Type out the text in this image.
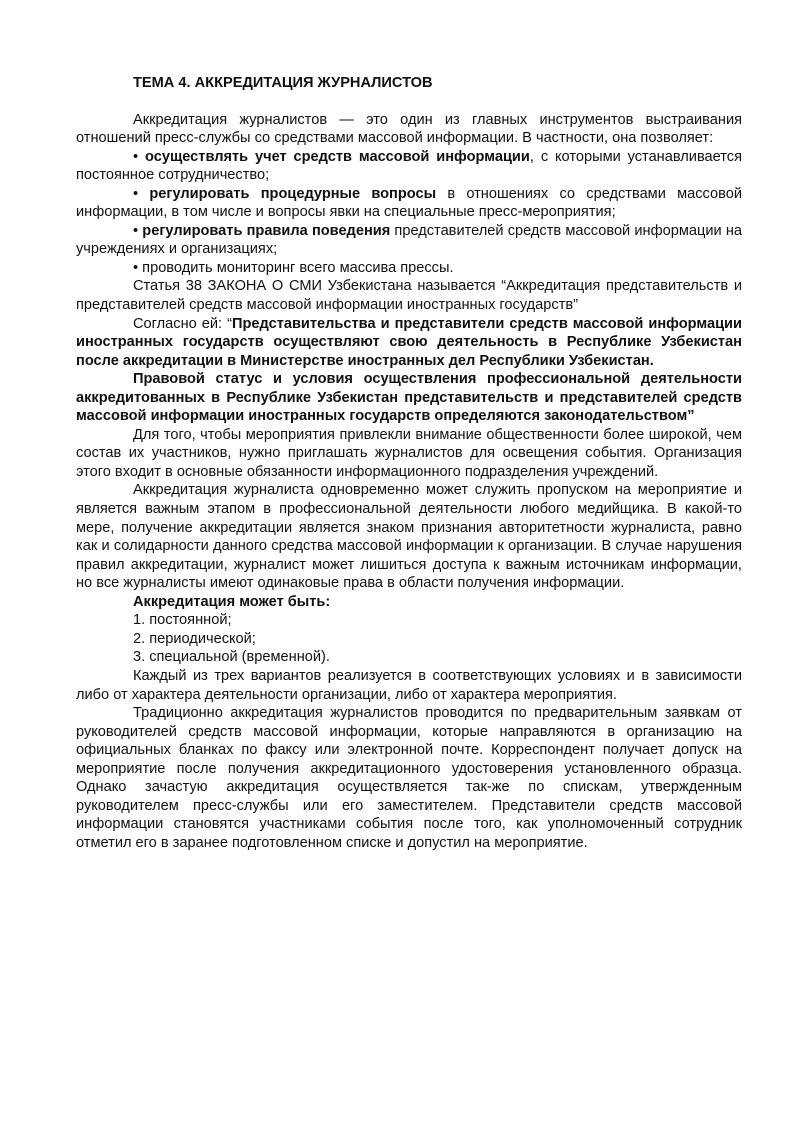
ТЕМА 4. АККРЕДИТАЦИЯ ЖУРНАЛИСТОВ

Аккредитация журналистов — это один из главных инструментов выстраивания отношений пресс-службы со средствами массовой информации. В частности, она позволяет:

• осуществлять учет средств массовой информации, с которыми устанавливается постоянное сотрудничество;

• регулировать процедурные вопросы в отношениях со средствами массовой информации, в том числе и вопросы явки на специальные пресс-мероприятия;

• регулировать правила поведения представителей средств массовой информации на учреждениях и организациях;

• проводить мониторинг всего массива прессы.

Статья 38 ЗАКОНА О СМИ Узбекистана называется “Аккредитация представительств и представителей средств массовой информации иностранных государств”

Согласно ей: “Представительства и представители средств массовой информации иностранных государств осуществляют свою деятельность в Республике Узбекистан после аккредитации в Министерстве иностранных дел Республики Узбекистан.

Правовой статус и условия осуществления профессиональной деятельности аккредитованных в Республике Узбекистан представительств и представителей средств массовой информации иностранных государств определяются законодательством”

Для того, чтобы мероприятия привлекли внимание общественности более широкой, чем состав их участников, нужно приглашать журналистов для освещения события. Организация этого входит в основные обязанности информационного подразделения учреждений.

Аккредитация журналиста одновременно может служить пропуском на мероприятие и является важным этапом в профессиональной деятельности любого медийщика. В какой-то мере, получение аккредитации является знаком признания авторитетности журналиста, равно как и солидарности данного средства массовой информации к организации. В случае нарушения правил аккредитации, журналист может лишиться доступа к важным источникам информации, но все журналисты имеют одинаковые права в области получения информации.

Аккредитация может быть:

1. постоянной;

2. периодической;

3. специальной (временной).

Каждый из трех вариантов реализуется в соответствующих условиях и в зависимости либо от характера деятельности организации, либо от характера мероприятия.

Традиционно аккредитация журналистов проводится по предварительным заявкам от руководителей средств массовой информации, которые направляются в организацию на официальных бланках по факсу или электронной почте. Корреспондент получает допуск на мероприятие после получения аккредитационного удостоверения установленного образца. Однако зачастую аккредитация осуществляется так-же по спискам, утвержденным руководителем пресс-службы или его заместителем. Представители средств массовой информации становятся участниками события после того, как уполномоченный сотрудник отметил его в заранее подготовленном списке и допустил на мероприятие.
